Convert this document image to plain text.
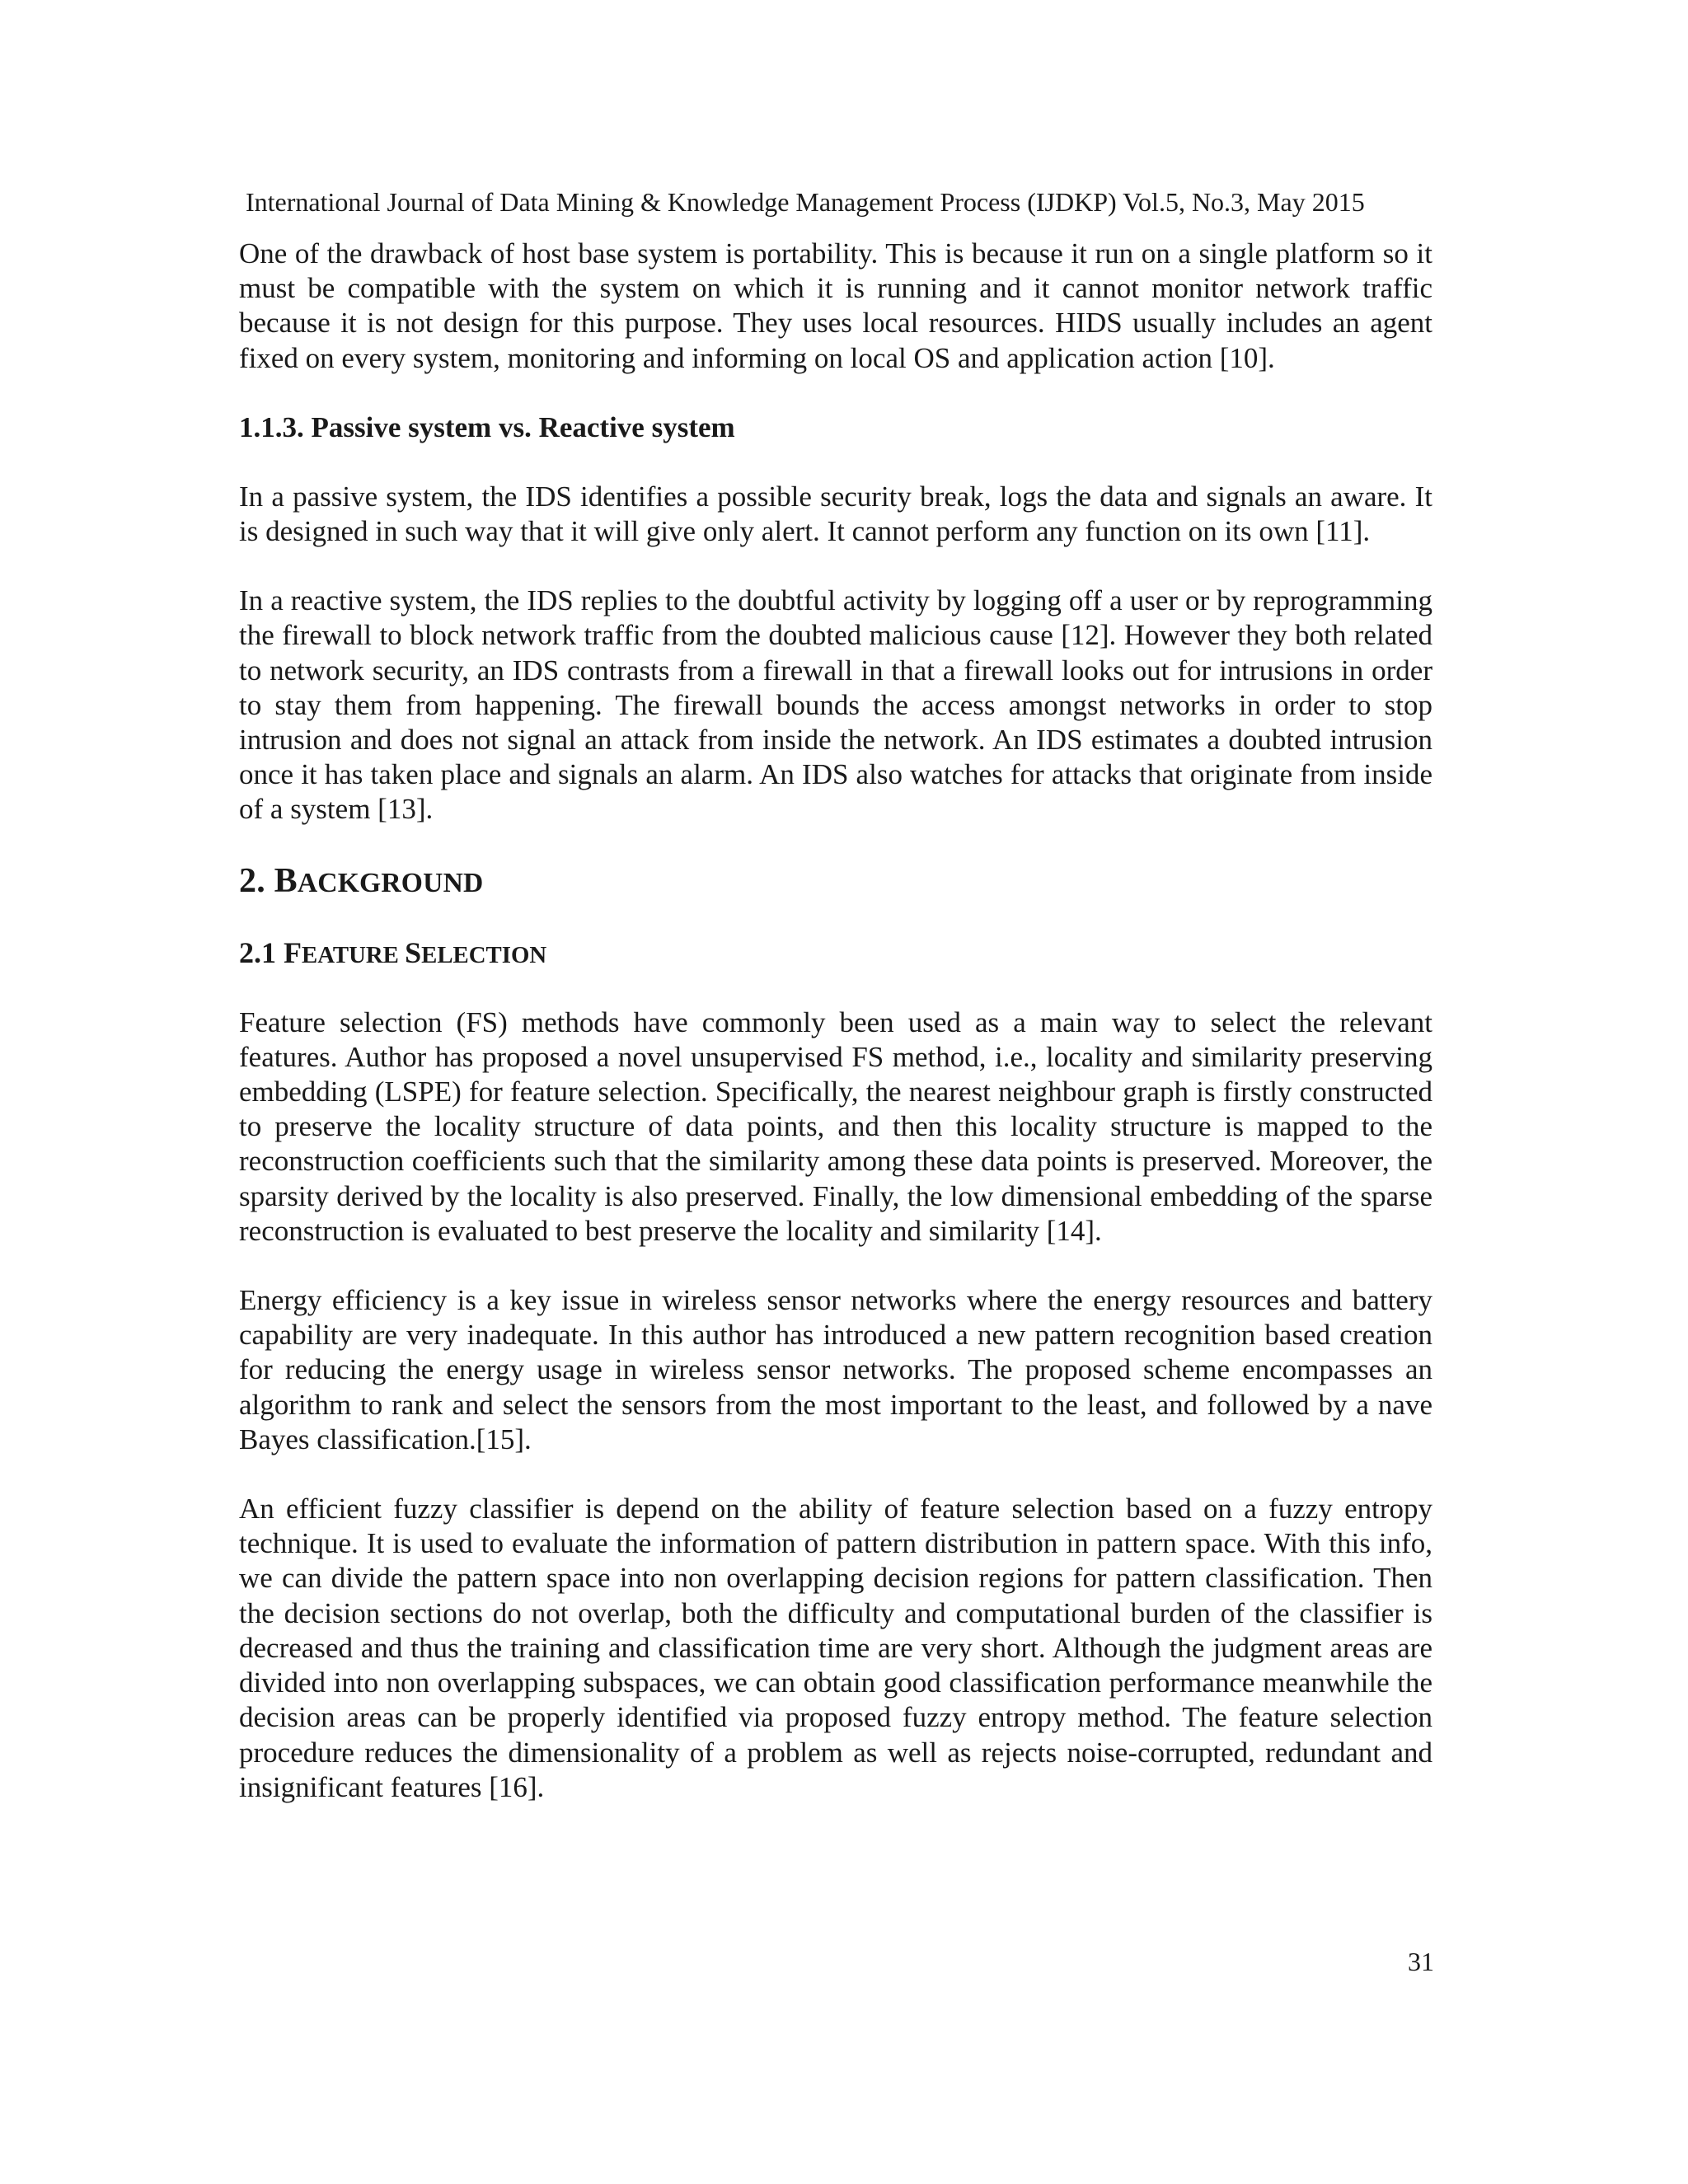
International Journal of Data Mining & Knowledge Management Process (IJDKP) Vol.5, No.3, May 2015

One of the drawback of host base system is portability. This is because it run on a single platform so it must be compatible with the system on which it is running and it cannot monitor network traffic because it is not design for this purpose. They uses local resources. HIDS usually includes an agent fixed on every system, monitoring and informing on local OS and application action [10].

1.1.3. Passive system vs. Reactive system

In a passive system, the IDS identifies a possible security break, logs the data and signals an aware. It is designed in such way that it will give only alert. It cannot perform any function on its own [11].

In a reactive system, the IDS replies to the doubtful activity by logging off a user or by reprogramming the firewall to block network traffic from the doubted malicious cause [12]. However they both related to network security, an IDS contrasts from a firewall in that a firewall looks out for intrusions in order to stay them from happening. The firewall bounds the access amongst networks in order to stop intrusion and does not signal an attack from inside the network. An IDS estimates a doubted intrusion once it has taken place and signals an alarm. An IDS also watches for attacks that originate from inside of a system [13].

2. BACKGROUND
2.1 FEATURE SELECTION

Feature selection (FS) methods have commonly been used as a main way to select the relevant features. Author has proposed a novel unsupervised FS method, i.e., locality and similarity preserving embedding (LSPE) for feature selection. Specifically, the nearest neighbour graph is firstly constructed to preserve the locality structure of data points, and then this locality structure is mapped to the reconstruction coefficients such that the similarity among these data points is preserved. Moreover, the sparsity derived by the locality is also preserved. Finally, the low dimensional embedding of the sparse reconstruction is evaluated to best preserve the locality and similarity [14].

Energy efficiency is a key issue in wireless sensor networks where the energy resources and battery capability are very inadequate. In this author has introduced a new pattern recognition based creation for reducing the energy usage in wireless sensor networks. The proposed scheme encompasses an algorithm to rank and select the sensors from the most important to the least, and followed by a nave Bayes classification.[15].

An efficient fuzzy classifier is depend on the ability of feature selection based on a fuzzy entropy technique. It is used to evaluate the information of pattern distribution in pattern space. With this info, we can divide the pattern space into non overlapping decision regions for pattern classification. Then the decision sections do not overlap, both the difficulty and computational burden of the classifier is decreased and thus the training and classification time are very short. Although the judgment areas are divided into non overlapping subspaces, we can obtain good classification performance meanwhile the decision areas can be properly identified via proposed fuzzy entropy method. The feature selection procedure reduces the dimensionality of a problem as well as rejects noise-corrupted, redundant and insignificant features [16].

31
